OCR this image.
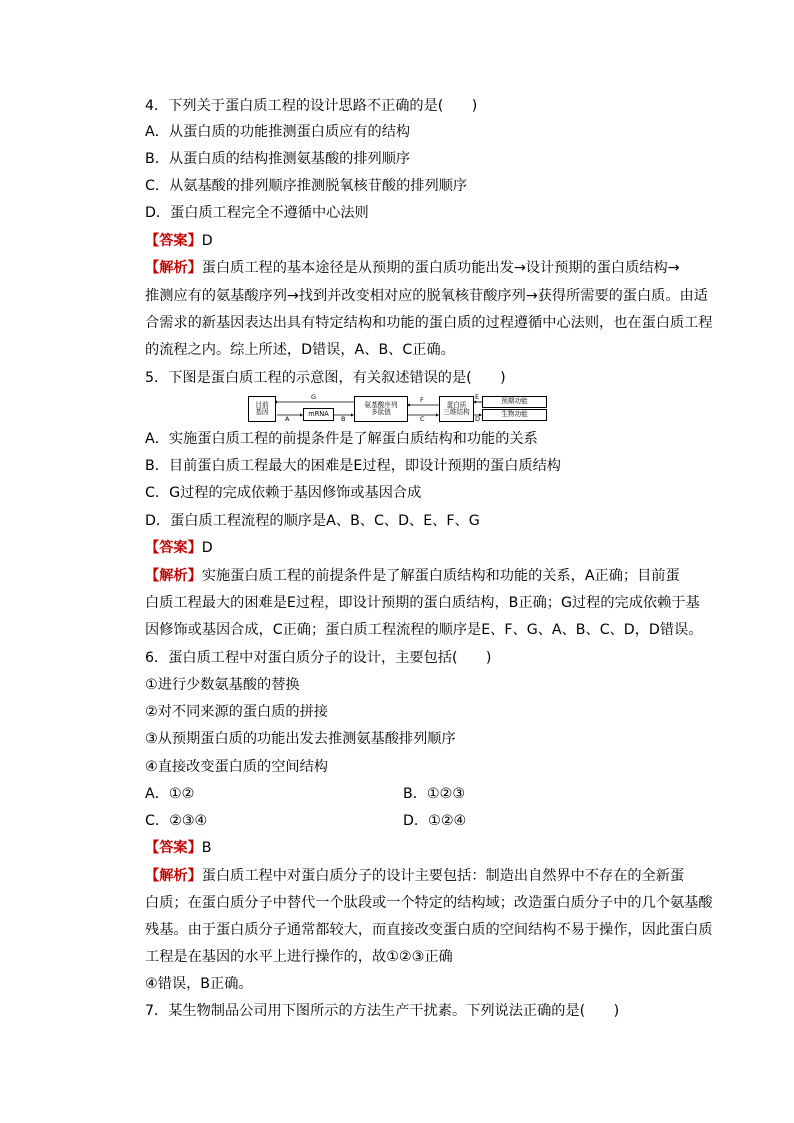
4．下列关于蛋白质工程的设计思路不正确的是(　　)
A．从蛋白质的功能推测蛋白质应有的结构
B．从蛋白质的结构推测氨基酸的排列顺序
C．从氨基酸的排列顺序推测脱氧核苷酸的排列顺序
D．蛋白质工程完全不遵循中心法则
【答案】D
【解析】蛋白质工程的基本途径是从预期的蛋白质功能出发→设计预期的蛋白质结构→
推测应有的氨基酸序列→找到并改变相对应的脱氧核苷酸序列→获得所需要的蛋白质。由适
合需求的新基因表达出具有特定结构和功能的蛋白质的过程遵循中心法则，也在蛋白质工程
的流程之内。综上所述，D错误，A、B、C正确。
5．下图是蛋白质工程的示意图，有关叙述错误的是(　　)
目前
基因	mRNA
氨基酸序列
多肽链
蛋白质
三维结构
预期功能
生物功能
A	B	C	D
E
F
G
A．实施蛋白质工程的前提条件是了解蛋白质结构和功能的关系
B．目前蛋白质工程最大的困难是E过程，即设计预期的蛋白质结构
C．G过程的完成依赖于基因修饰或基因合成
D．蛋白质工程流程的顺序是A、B、C、D、E、F、G
【答案】D
【解析】实施蛋白质工程的前提条件是了解蛋白质结构和功能的关系，A正确；目前蛋
白质工程最大的困难是E过程，即设计预期的蛋白质结构，B正确；G过程的完成依赖于基
因修饰或基因合成，C正确；蛋白质工程流程的顺序是E、F、G、A、B、C、D，D错误。
6．蛋白质工程中对蛋白质分子的设计，主要包括(　　)
①进行少数氨基酸的替换
②对不同来源的蛋白质的拼接
③从预期蛋白质的功能出发去推测氨基酸排列顺序
④直接改变蛋白质的空间结构
A．①②	B．①②③
C．②③④	D．①②④
【答案】B
【解析】蛋白质工程中对蛋白质分子的设计主要包括：制造出自然界中不存在的全新蛋
白质；在蛋白质分子中替代一个肽段或一个特定的结构域；改造蛋白质分子中的几个氨基酸
残基。由于蛋白质分子通常都较大，而直接改变蛋白质的空间结构不易于操作，因此蛋白质
工程是在基因的水平上进行操作的，故①②③正确
④错误，B正确。
7．某生物制品公司用下图所示的方法生产干扰素。下列说法正确的是(　　)
